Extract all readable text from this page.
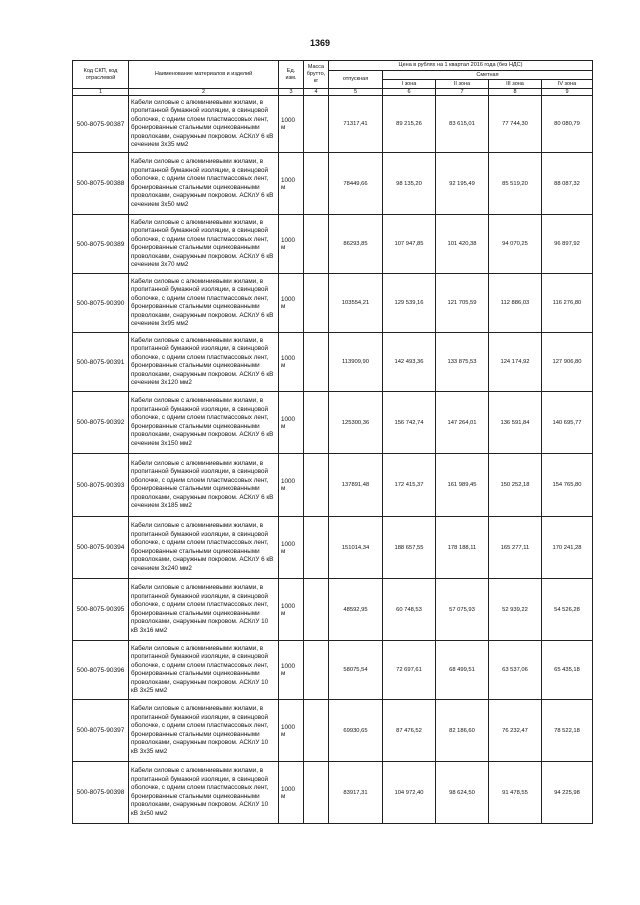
1369
Код СКП, код отраслевой	Наименование материалов и изделий	Ед. изм.	Масса брутто, кг	Цена в рублях на 1 квартал 2016 года (без НДС)				
				отпускная	Сметная			
					I зона	II зона	III зона	IV зона
1	2	3	4	5	6	7	8	9
500-8075-90387	Кабели силовые с алюминиевыми жилами, в пропитанной бумажной изоляции, в свинцовой оболочке, с одним слоем пластмассовых лент, бронированные стальными оцинкованными проволоками, снаружным покровом. АСКлУ 6 кВ сечением 3х35 мм2	1000 м		71317,41	89 215,26	83 615,01	77 744,30	80 080,79
500-8075-90388	Кабели силовые с алюминиевыми жилами, в пропитанной бумажной изоляции, в свинцовой оболочке, с одним слоем пластмассовых лент, бронированные стальными оцинкованными проволоками, снаружным покровом. АСКлУ 6 кВ сечением 3х50 мм2	1000 м		78449,66	98 135,20	92 195,49	85 519,20	88 087,32
500-8075-90389	Кабели силовые с алюминиевыми жилами, в пропитанной бумажной изоляции, в свинцовой оболочке, с одним слоем пластмассовых лент, бронированные стальными оцинкованными проволоками, снаружным покровом. АСКлУ 6 кВ сечением 3х70 мм2	1000 м		86293,85	107 947,85	101 420,38	94 070,25	96 897,92
500-8075-90390	Кабели силовые с алюминиевыми жилами, в пропитанной бумажной изоляции, в свинцовой оболочке, с одним слоем пластмассовых лент, бронированные стальными оцинкованными проволоками, снаружным покровом. АСКлУ 6 кВ сечением 3х95 мм2	1000 м		103554,21	129 539,16	121 705,59	112 886,03	116 276,80
500-8075-90391	Кабели силовые с алюминиевыми жилами, в пропитанной бумажной изоляции, в свинцовой оболочке, с одним слоем пластмассовых лент, бронированные стальными оцинкованными проволоками, снаружным покровом. АСКлУ 6 кВ сечением 3х120 мм2	1000 м		113909,90	142 493,36	133 875,53	124 174,92	127 906,80
500-8075-90392	Кабели силовые с алюминиевыми жилами, в пропитанной бумажной изоляции, в свинцовой оболочке, с одним слоем пластмассовых лент, бронированные стальными оцинкованными проволоками, снаружным покровом. АСКлУ 6 кВ сечением 3х150 мм2	1000 м		125300,36	156 742,74	147 264,01	136 591,84	140 695,77
500-8075-90393	Кабели силовые с алюминиевыми жилами, в пропитанной бумажной изоляции, в свинцовой оболочке, с одним слоем пластмассовых лент, бронированные стальными оцинкованными проволоками, снаружным покровом. АСКлУ 6 кВ сечением 3х185 мм2	1000 м		137891,48	172 415,37	161 989,45	150 252,18	154 765,80
500-8075-90394	Кабели силовые с алюминиевыми жилами, в пропитанной бумажной изоляции, в свинцовой оболочке, с одним слоем пластмассовых лент, бронированные стальными оцинкованными проволоками, снаружным покровом. АСКлУ 6 кВ сечением 3х240 мм2	1000 м		151014,34	188 657,55	178 188,11	165 277,11	170 241,28
500-8075-90395	Кабели силовые с алюминиевыми жилами, в пропитанной бумажной изоляции, в свинцовой оболочке, с одним слоем пластмассовых лент, бронированные стальными оцинкованными проволоками, снаружным покровом. АСКлУ 10 кВ 3х16 мм2	1000 м		48592,95	60 748,53	57 075,93	52 939,22	54 526,28
500-8075-90396	Кабели силовые с алюминиевыми жилами, в пропитанной бумажной изоляции, в свинцовой оболочке, с одним слоем пластмассовых лент, бронированные стальными оцинкованными проволоками, снаружным покровом. АСКлУ 10 кВ 3х25 мм2	1000 м		58075,54	72 697,61	68 499,51	63 537,06	65 435,18
500-8075-90397	Кабели силовые с алюминиевыми жилами, в пропитанной бумажной изоляции, в свинцовой оболочке, с одним слоем пластмассовых лент, бронированные стальными оцинкованными проволоками, снаружным покровом. АСКлУ 10 кВ 3х35 мм2	1000 м		69930,65	87 476,52	82 186,60	76 232,47	78 522,18
500-8075-90398	Кабели силовые с алюминиевыми жилами, в пропитанной бумажной изоляции, в свинцовой оболочке, с одним слоем пластмассовых лент, бронированные стальными оцинкованными проволоками, снаружным покровом. АСКлУ 10 кВ 3х50 мм2	1000 м		83917,31	104 972,40	98 624,50	91 478,55	94 225,98
